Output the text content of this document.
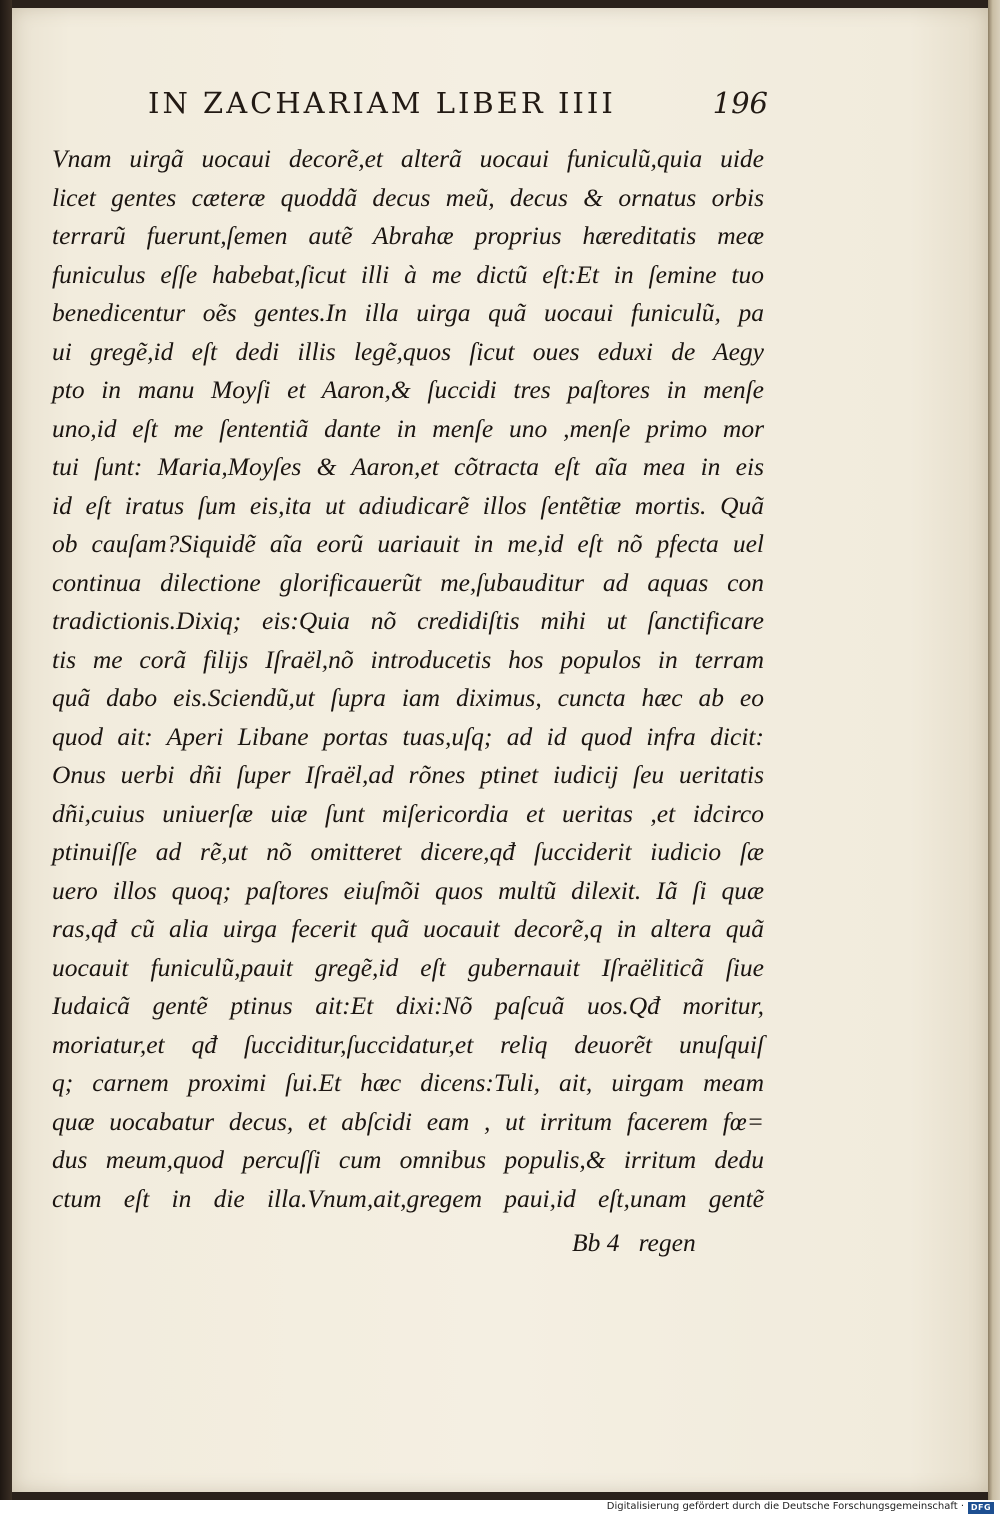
IN ZACHARIAM LIBER IIII	196
Vnam uirgã uocaui decorẽ,et alterã uocaui funiculũ,quia uide
licet gentes cæteræ quoddã decus meũ, decus & ornatus orbis
terrarũ fuerunt,ſemen autẽ Abrahæ proprius hæreditatis meæ
funiculus eſſe habebat,ſicut illi à me dictũ eſt:Et in ſemine tuo
benedicentur oẽs gentes.In illa uirga quã uocaui funiculũ, pa
ui gregẽ,id eſt dedi illis legẽ,quos ſicut oues eduxi de Aegy
pto in manu Moyſi et Aaron,& ſuccidi tres paſtores in menſe
uno,id eſt me ſententiã dante in menſe uno ,menſe primo mor
tui ſunt: Maria,Moyſes & Aaron,et cõtracta eſt aĩa mea in eis
id eſt iratus ſum eis,ita ut adiudicarẽ illos ſentẽtiæ mortis. Quã
ob cauſam?Siquidẽ aĩa eorũ uariauit in me,id eſt nõ pfecta uel
continua dilectione glorificauerũt me,ſubauditur ad aquas con
tradictionis.Dixiq; eis:Quia nõ credidiſtis mihi ut ſanctificare
tis me corã filijs Iſraël,nõ introducetis hos populos in terram
quã dabo eis.Sciendũ,ut ſupra iam diximus, cuncta hæc ab eo
quod ait: Aperi Libane portas tuas,uſq; ad id quod infra dicit:
Onus uerbi dñi ſuper Iſraël,ad rõnes ptinet iudicij ſeu ueritatis
dñi,cuius uniuerſæ uiæ ſunt miſericordia et ueritas ,et idcirco
ptinuiſſe ad rẽ,ut nõ omitteret dicere,qđ ſucciderit iudicio ſæ
uero illos quoq; paſtores eiuſmõi quos multũ dilexit. Iã ſi quæ
ras,qđ cũ alia uirga fecerit quã uocauit decorẽ,q in altera quã
uocauit funiculũ,pauit gregẽ,id eſt gubernauit Iſraëliticã ſiue
Iudaicã gentẽ ptinus ait:Et dixi:Nõ paſcuã uos.Qđ moritur,
moriatur,et qđ ſucciditur,ſuccidatur,et reliq deuorẽt unuſquiſ
q; carnem proximi ſui.Et hæc dicens:Tuli, ait, uirgam meam
quæ uocabatur decus, et abſcidi eam , ut irritum facerem fœ=
dus meum,quod percuſſi cum omnibus populis,& irritum dedu
ctum eſt in die illa.Vnum,ait,gregem paui,id eſt,unam gentẽ
Bb 4   regen
Digitalisierung gefördert durch die Deutsche Forschungsgemeinschaft · DFG
